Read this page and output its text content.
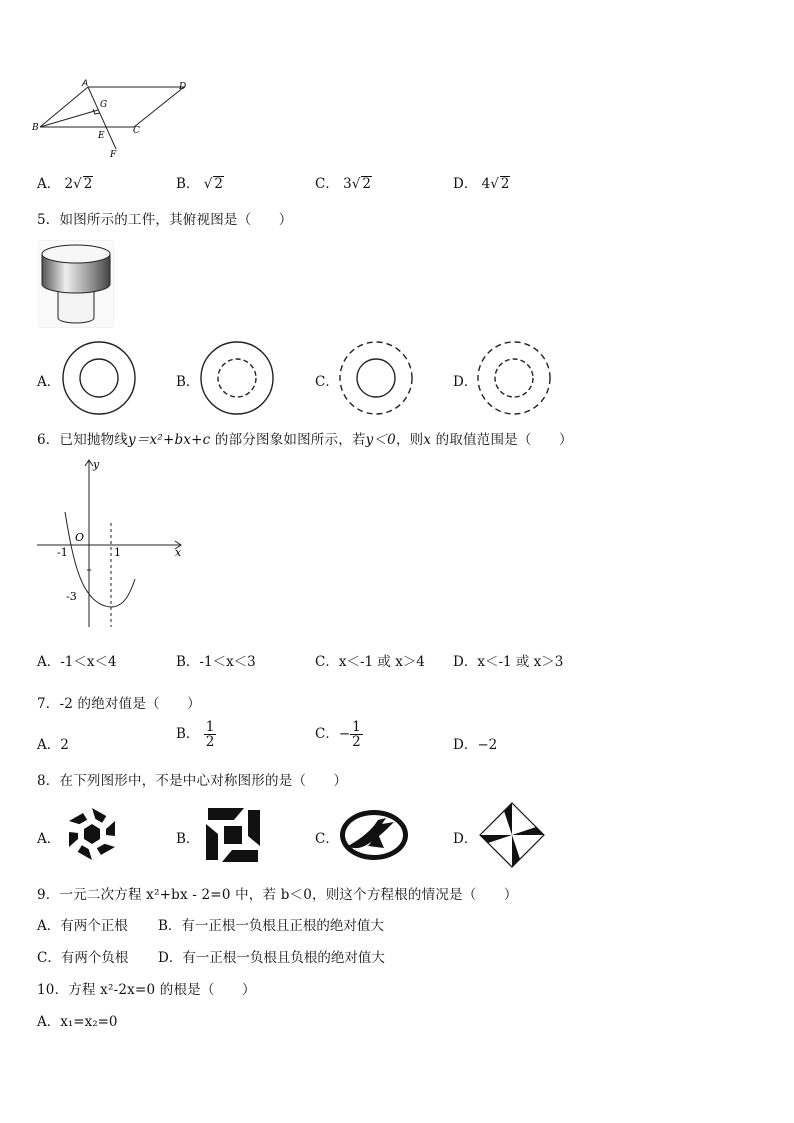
A	D
G
B
E	C
F
A． 2√ 2	B． √ 2	C． 3√ 2	D． 4√ 2
5．如图所示的工件，其俯视图是（　　）
A．	B．	C．	D．
6．已知抛物线y＝x²+bx+c 的部分图象如图所示，若y＜0，则x 的取值范围是（　　）
y
x
O
-1	1
-3
A．-1＜x＜4	B．-1＜x＜3	C．x＜-1 或 x＞4 D．x＜-1 或 x＞3
7．-2 的绝对值是（　　）
A．2
B． $\frac{1}{2}$	C．− $\frac{1}{2}$	D．−2
8．在下列图形中，不是中心对称图形的是（　　）
A．	B．	C．	D．
9．一元二次方程 x²+bx - 2=0 中，若 b＜0，则这个方程根的情况是（　　）
A．有两个正根 B．有一正根一负根且正根的绝对值大
C．有两个负根 D．有一正根一负根且负根的绝对值大
10．方程 x²-2x=0 的根是（　　）
A．x₁=x₂=0
